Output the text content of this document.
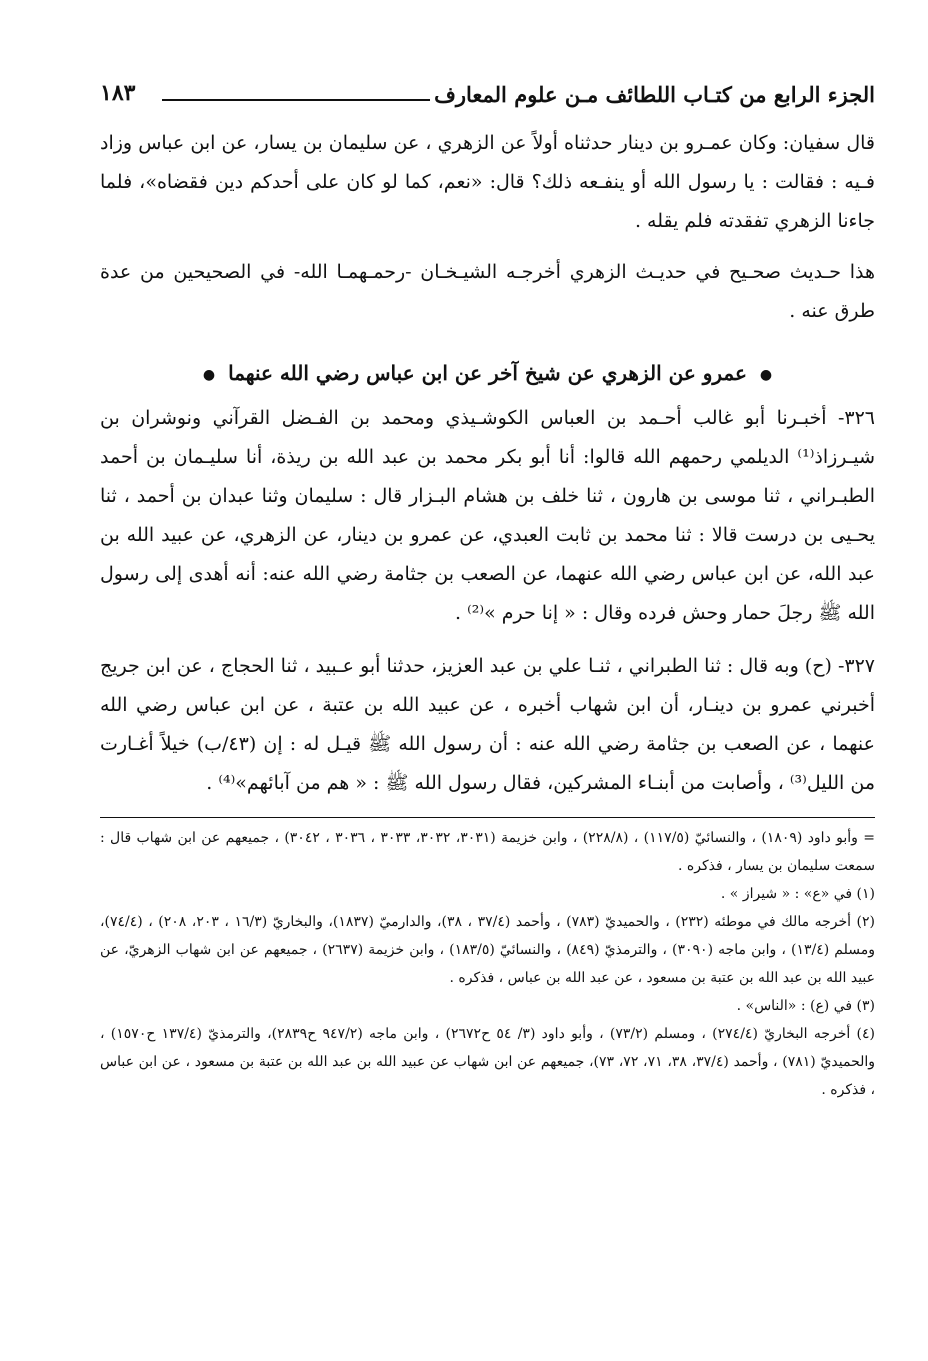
الجزء الرابع من كتـاب اللطائف مـن علوم المعارف
١٨٣

قال سفيان: وكان عمـرو بن دينار حدثناه أولاً عن الزهري ، عن سليمان بن يسار، عن ابن عباس وزاد فـيه : فقالت : يا رسول الله أو ينفـعه ذلك؟ قال: «نعم، كما لو كان على أحدكم دين فقضاه»، فلما جاءنا الزهري تفقدته فلم يقله .

هذا حـديث صحـيح في حديـث الزهري أخرجـه الشيـخـان -رحمـهمـا الله- في الصحيحين من عدة طرق عنه .

● عمرو عن الزهري عن شيخ آخر عن ابن عباس رضي الله عنهما ●

٣٢٦- أخبـرنا أبو غالب أحـمد بن العباس الكوشـيذي ومحمد بن الفـضل القرآني ونوشران بن شيـرزاذ⁽¹⁾ الديلمي رحمهم الله قالوا: أنا أبو بكر محمد بن عبد الله بن ريذة، أنا سليـمان بن أحمد الطبـراني ، ثنا موسى بن هارون ، ثنا خلف بن هشام البـزار قال : سليمان وثنا عبدان بن أحمد ، ثنا يحـيى بن درست قالا : ثنا محمد بن ثابت العبدي، عن عمرو بن دينار، عن الزهري، عن عبيد الله بن عبد الله، عن ابن عباس رضي الله عنهما، عن الصعب بن جثامة رضي الله عنه: أنه أهدى إلى رسول الله ﷺ رجلَ حمار وحش فرده وقال : « إنا حرم »⁽²⁾ .

٣٢٧- (ح) وبه قال : ثنا الطبراني ، ثنـا علي بن عبد العزيز، حدثنا أبو عـبيد ، ثنا الحجاج ، عن ابن جريج أخبرني عمرو بن دينـار، أن ابن شهاب أخبره ، عن عبيد الله بن عتبة ، عن ابن عباس رضي الله عنهما ، عن الصعب بن جثامة رضي الله عنه : أن رسول الله ﷺ قيـل له : إن (٤٣/ب) خيلاً أغـارت من الليل⁽³⁾ ، وأصابت من أبنـاء المشركين، فقال رسول الله ﷺ : « هم من آبائهم»⁽⁴⁾ .

= وأبو داود (١٨٠٩) ، والنسائيّ (١١٧/٥) ، (٢٢٨/٨) ، وابن خزيمة (٣٠٣١، ٣٠٣٢، ٣٠٣٣ ، ٣٠٣٦ ، ٣٠٤٢) ، جميعهم عن ابن شهاب قال : سمعت سليمان بن يسار ، فذكره .

(١) في «ع» : « شيراز » .

(٢) أخرجه مالك في موطئه (٢٣٢) ، والحميديّ (٧٨٣) ، وأحمد (٣٧/٤ ، ٣٨)، والدارميّ (١٨٣٧)، والبخاريّ (١٦/٣ ، ٢٠٣، ٢٠٨) ، (٧٤/٤)، ومسلم (١٣/٤) ، وابن ماجه (٣٠٩٠) ، والترمذيّ (٨٤٩) ، والنسائيّ (١٨٣/٥) ، وابن خزيمة (٢٦٣٧) ، جميعهم عن ابن شهاب الزهريّ، عن عبيد الله بن عبد الله بن عتبة بن مسعود ، عن عبد الله بن عباس ، فذكره .

(٣) في (ع) : «الناس» .

(٤) أخرجه البخاريّ (٢٧٤/٤) ، ومسلم (٧٣/٢) ، وأبو داود (٣/ ٥٤ ح٢٦٧٢) ، وابن ماجه (٩٤٧/٢ ح٢٨٣٩)، والترمذيّ (١٣٧/٤ ح١٥٧٠) ، والحميديّ (٧٨١) ، وأحمد (٣٧/٤، ٣٨، ٧١، ٧٢، ٧٣)، جميعهم عن ابن شهاب عن عبيد الله بن عبد الله بن عتبة بن مسعود ، عن ابن عباس ، فذكره .
